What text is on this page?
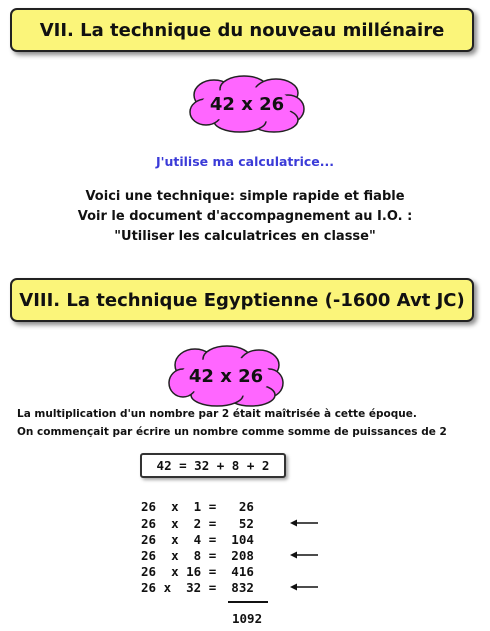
VII. La technique du nouveau millénaire
42 x 26
J'utilise ma calculatrice...
Voici une technique: simple rapide et fiable
Voir le document d'accompagnement au I.O. :
"Utiliser les calculatrices en classe"
VIII. La technique Egyptienne (-1600 Avt JC)
42 x 26
La multiplication d'un nombre par 2 était maîtrisée à cette époque.
On commençait par écrire un nombre comme somme de puissances de 2
42 = 32 + 8 + 2
26  x  1 =   26
26  x  2 =   52
26  x  4 =  104
26  x  8 =  208
26  x 16 =  416
26 x  32 =  832
1092
